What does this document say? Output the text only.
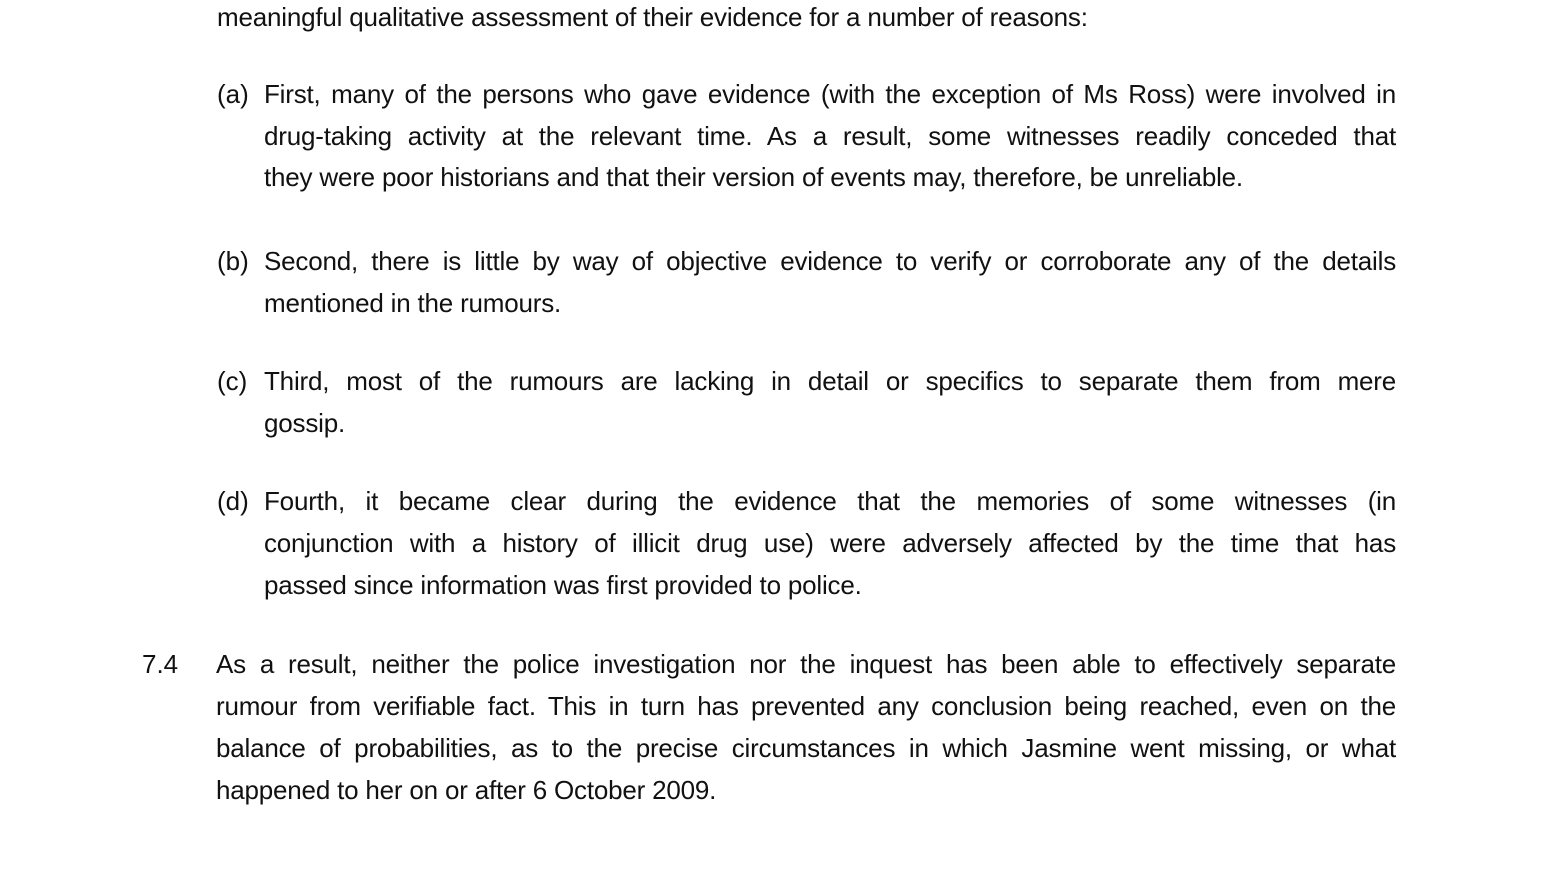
meaningful qualitative assessment of their evidence for a number of reasons:
(a) First, many of the persons who gave evidence (with the exception of Ms Ross) were involved in
drug-taking activity at the relevant time. As a result, some witnesses readily conceded that
they were poor historians and that their version of events may, therefore, be unreliable.
(b) Second, there is little by way of objective evidence to verify or corroborate any of the details
mentioned in the rumours.
(c) Third, most of the rumours are lacking in detail or specifics to separate them from mere
gossip.
(d) Fourth, it became clear during the evidence that the memories of some witnesses (in
conjunction with a history of illicit drug use) were adversely affected by the time that has
passed since information was first provided to police.
7.4 As a result, neither the police investigation nor the inquest has been able to effectively separate
rumour from verifiable fact. This in turn has prevented any conclusion being reached, even on the
balance of probabilities, as to the precise circumstances in which Jasmine went missing, or what
happened to her on or after 6 October 2009.
